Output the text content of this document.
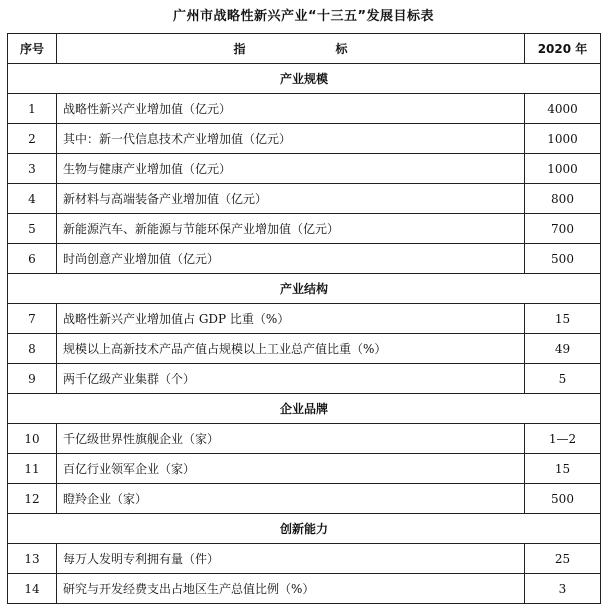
广州市战略性新兴产业“十三五”发展目标表
序号	指 标	2020 年
产业规模		
1	战略性新兴产业增加值（亿元）	4000
2	其中：新一代信息技术产业增加值（亿元）	1000
3	生物与健康产业增加值（亿元）	1000
4	新材料与高端装备产业增加值（亿元）	800
5	新能源汽车、新能源与节能环保产业增加值（亿元）	700
6	时尚创意产业增加值（亿元）	500
产业结构		
7	战略性新兴产业增加值占 GDP 比重（%）	15
8	规模以上高新技术产品产值占规模以上工业总产值比重（%）	49
9	两千亿级产业集群（个）	5
企业品牌		
10	千亿级世界性旗舰企业（家）	1—2
11	百亿行业领军企业（家）	15
12	瞪羚企业（家）	500
创新能力		
13	每万人发明专利拥有量（件）	25
14	研究与开发经费支出占地区生产总值比例（%）	3
